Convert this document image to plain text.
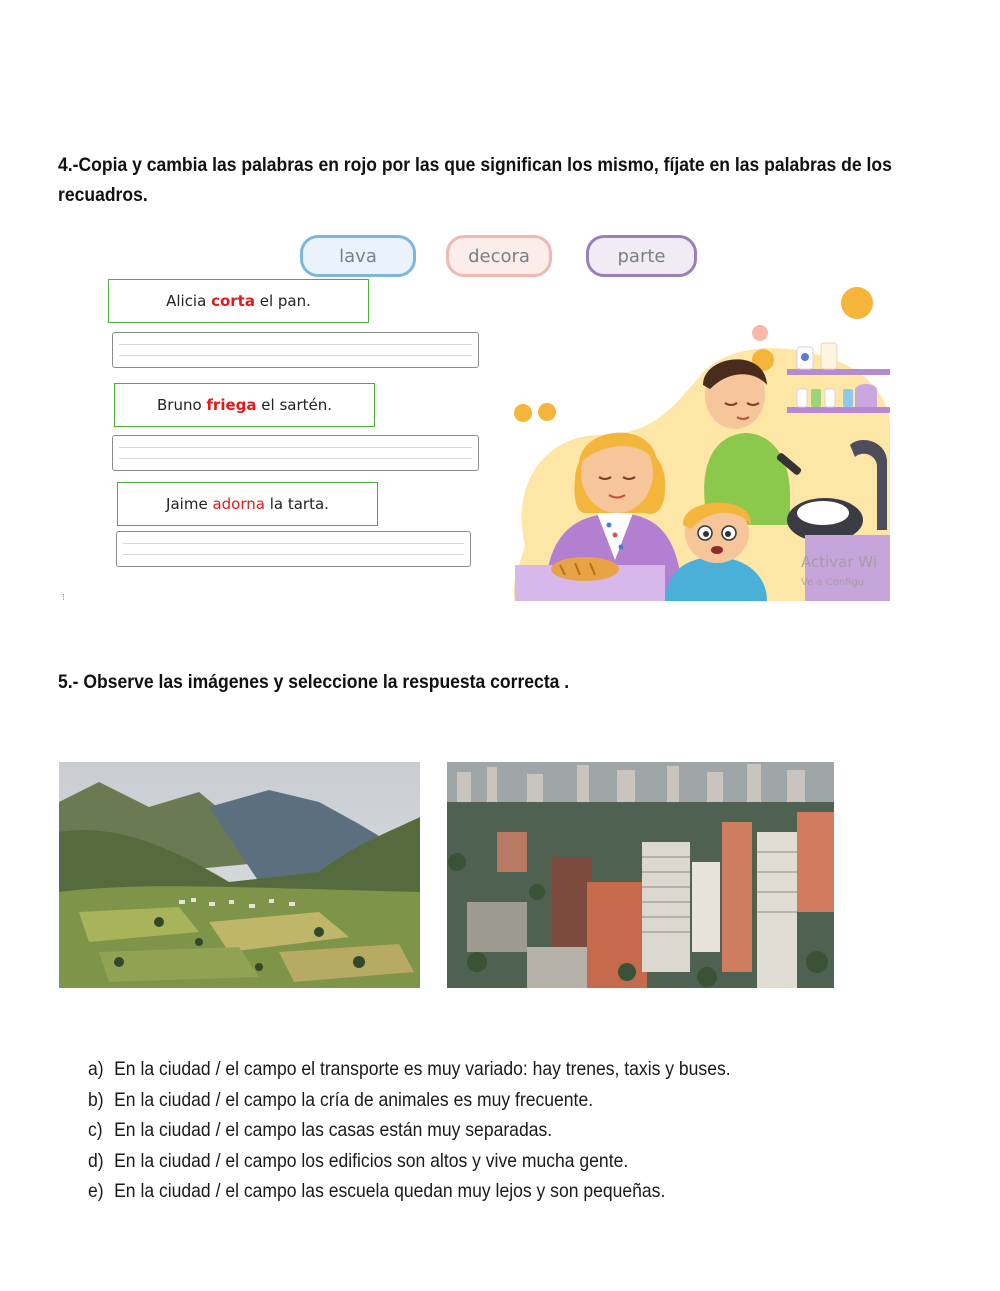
4.-Copia y cambia las palabras en rojo por las que significan los mismo, fíjate en las palabras de los recuadros.
lava	decora	parte
Alicia corta el pan.
Bruno friega el sartén.
Jaime adorna la tarta.
⁝
Activar Wi
Ve a Configu
5.- Observe las imágenes y seleccione la respuesta correcta .
a) En la ciudad / el campo el transporte es muy variado: hay trenes, taxis y buses.
b) En la ciudad / el campo la cría de animales es muy frecuente.
c) En la ciudad / el campo las casas están muy separadas.
d) En la ciudad / el campo los edificios son altos y vive mucha gente.
e) En la ciudad / el campo las escuela quedan muy lejos y son pequeñas.
